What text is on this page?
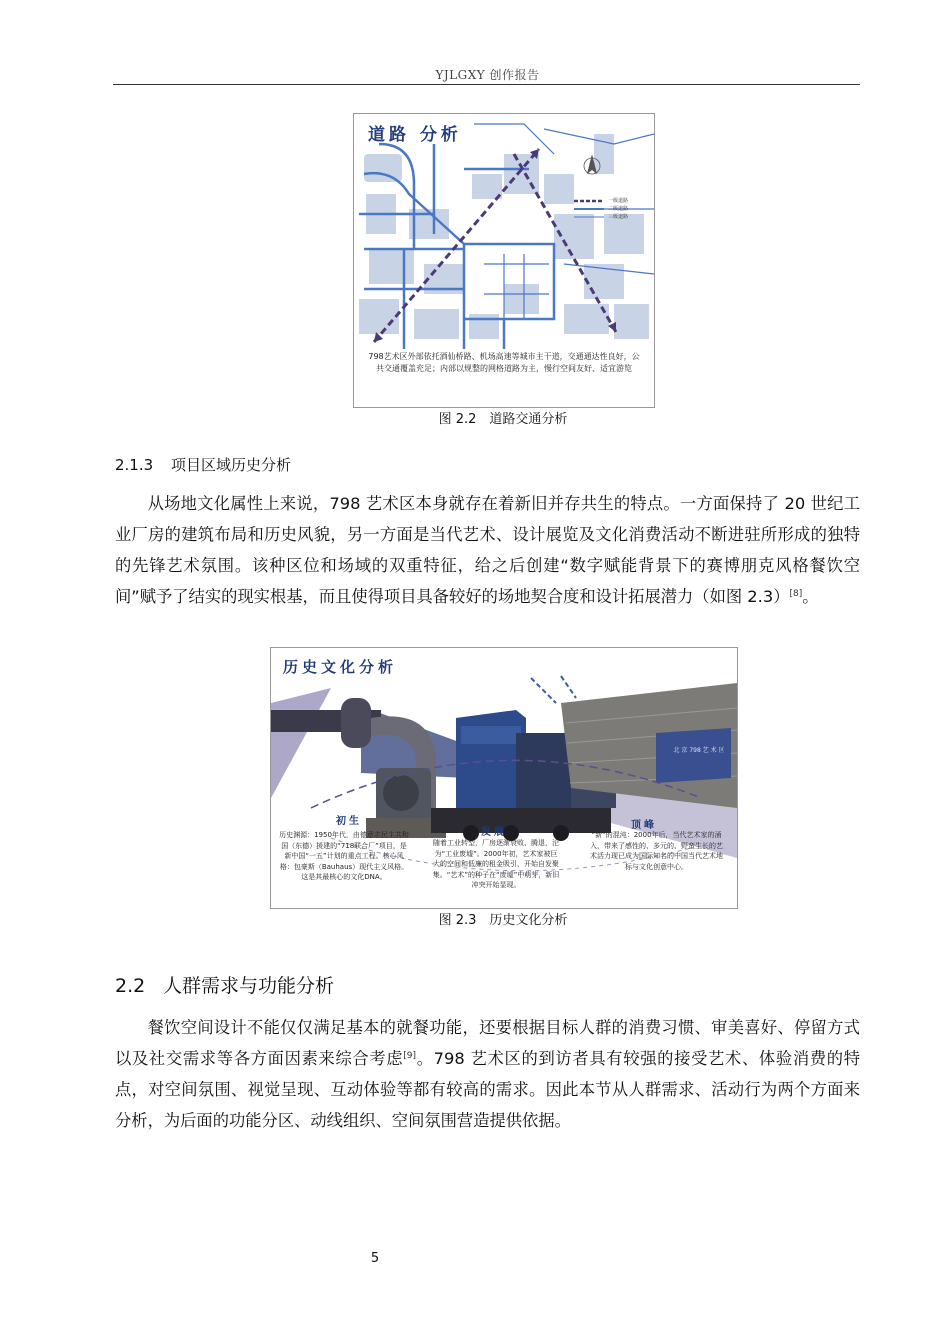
YJLGXY 创作报告
道路 分析
一级道路
二级道路
三级道路
798艺术区外部依托酒仙桥路、机场高速等城市主干道，交通通达性良好，公共交通覆盖充足；内部以规整的网格道路为主，慢行空间友好、适宜游览
图 2.2　道路交通分析
2.1.3 项目区域历史分析
从场地文化属性上来说，798 艺术区本身就存在着新旧并存共生的特点。一方面保持了 20 世纪工业厂房的建筑布局和历史风貌，另一方面是当代艺术、设计展览及文化消费活动不断进驻所形成的独特的先锋艺术氛围。该种区位和场域的双重特征，给之后创建“数字赋能背景下的赛博朋克风格餐饮空间”赋予了结实的现实根基，而且使得项目具备较好的场地契合度和设计拓展潜力（如图 2.3）[8]。
历史文化分析
北 京 798 艺 术 区
初生
历史渊源：1950年代，由德意志民主共和国（东德）援建的“718联合厂”项目，是新中国“一五”计划的重点工程。核心风格：包豪斯（Bauhaus）现代主义风格。这是其最核心的文化DNA。
发展
随着工业转型，厂房逐渐衰败、腾退，沦为“工业废墟”。2000年初，艺术家被巨大的空间和低廉的租金吸引，开始自发聚集。“艺术”的种子在“废墟”中萌芽，新旧冲突开始显现。
顶峰
“新”的混沌：2000年后，当代艺术家的涌入，带来了感性的、多元的、野蛮生长的艺术活力现已成为国际知名的中国当代艺术地标与文化创意中心。
图 2.3　历史文化分析
2.2 人群需求与功能分析
餐饮空间设计不能仅仅满足基本的就餐功能，还要根据目标人群的消费习惯、审美喜好、停留方式以及社交需求等各方面因素来综合考虑[9]。798 艺术区的到访者具有较强的接受艺术、体验消费的特点，对空间氛围、视觉呈现、互动体验等都有较高的需求。因此本节从人群需求、活动行为两个方面来分析，为后面的功能分区、动线组织、空间氛围营造提供依据。
5
